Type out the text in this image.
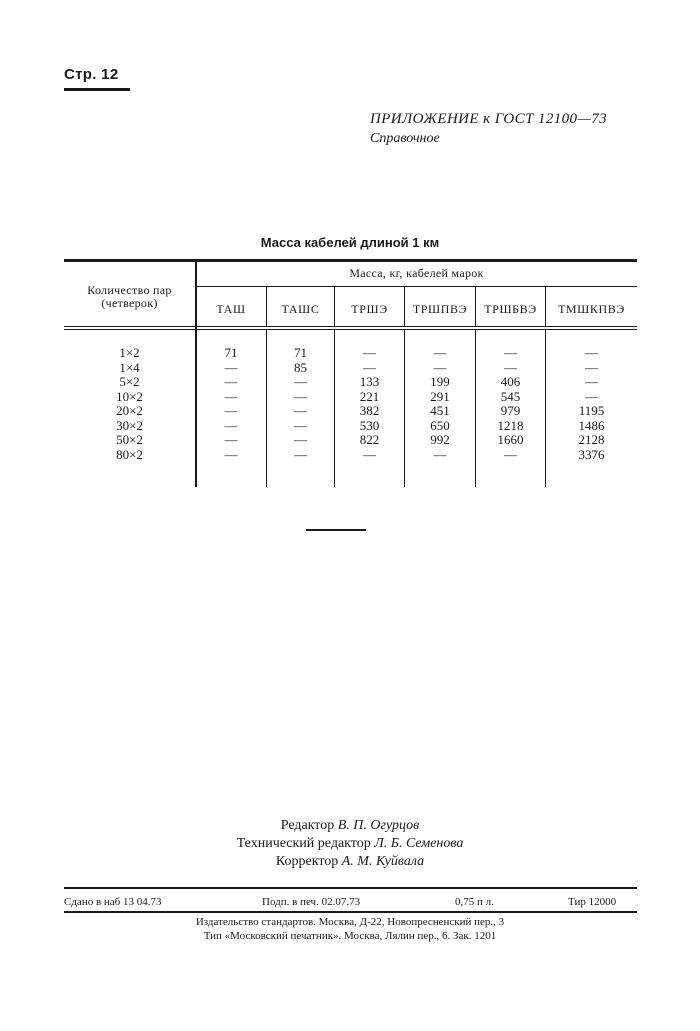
Стр. 12
ПРИЛОЖЕНИЕ к ГОСТ 12100—73
Справочное
Масса кабелей длиной 1 км
Количество пар (четверок)
Масса, кг, кабелей марок
ТАШ	ТАШС	ТРШЭ	ТРШПВЭ	ТРШБВЭ	ТМШКПВЭ
1×2	71	71	—	—	—	—
1×4	—	85	—	—	—	—
5×2	—	—	133	199	406	—
10×2	—	—	221	291	545	—
20×2	—	—	382	451	979	1195
30×2	—	—	530	650	1218	1486
50×2	—	—	822	992	1660	2128
80×2	—	—	—	—	—	3376
Редактор В. П. Огурцов
Технический редактор Л. Б. Семенова
Корректор А. М. Куйвала
Сдано в наб 13 04.73	Подп. в печ. 02.07.73	0,75 п л.	Тир 12000
Издательство стандартов. Москва, Д-22, Новопресненский пер., 3
Тип «Московский печатник». Москва, Лялин пер., 6. Зак. 1201
